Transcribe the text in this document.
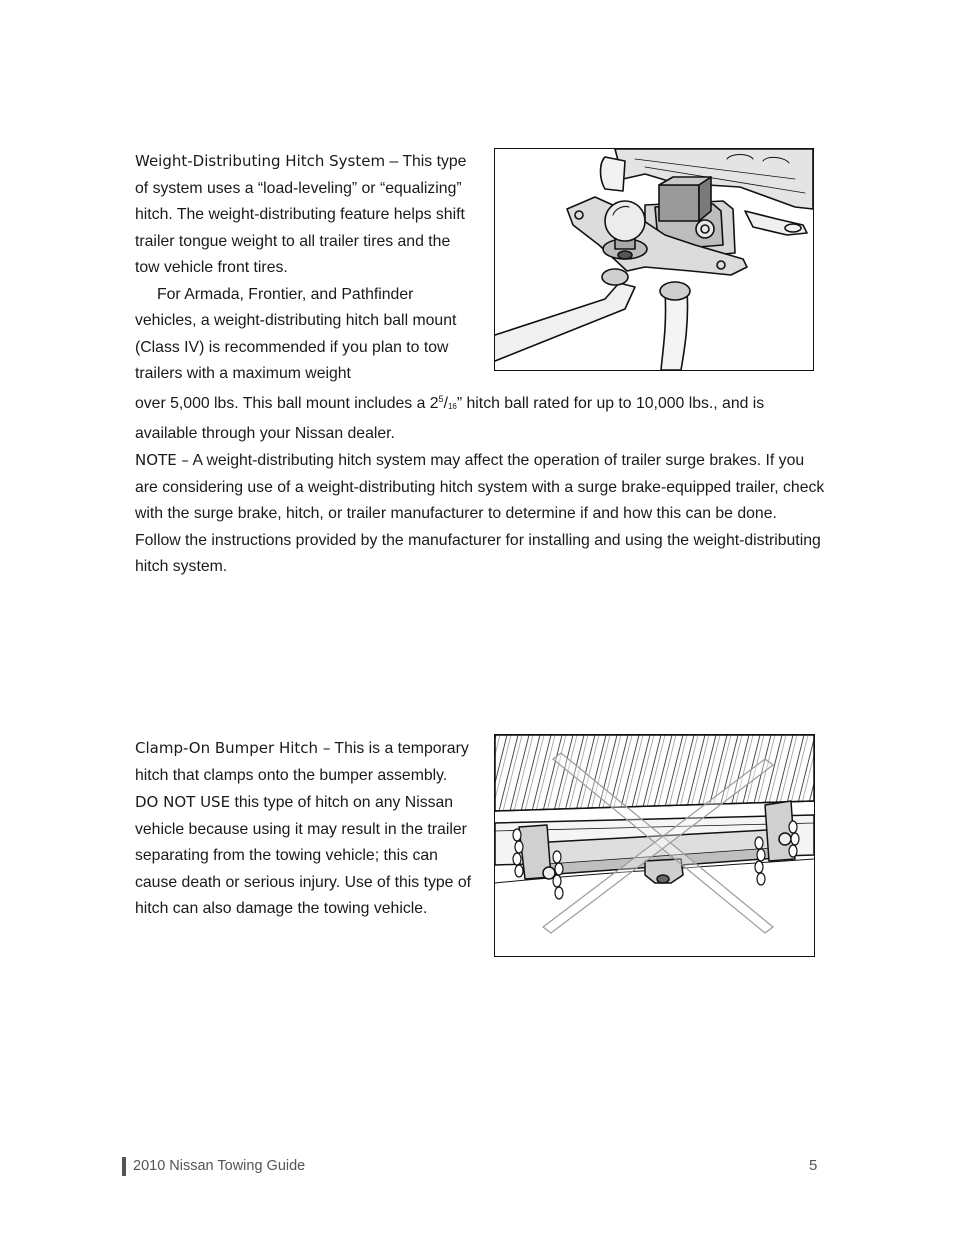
Weight-Distributing Hitch System – This type of system uses a “load-leveling” or “equalizing” hitch. The weight-distributing feature helps shift trailer tongue weight to all trailer tires and the tow vehicle front tires.

For Armada, Frontier, and Pathfinder vehicles, a weight-distributing hitch ball mount (Class IV) is recommended if you plan to tow trailers with a maximum weight

over 5,000 lbs. This ball mount includes a $2^5/_{16}$” hitch ball rated for up to 10,000 lbs., and is available through your Nissan dealer.

NOTE – A weight-distributing hitch system may affect the operation of trailer surge brakes. If you are considering use of a weight-distributing hitch system with a surge brake-equipped trailer, check with the surge brake, hitch, or trailer manufacturer to determine if and how this can be done. Follow the instructions provided by the manufacturer for installing and using the weight-distributing hitch system.

Clamp-On Bumper Hitch – This is a temporary hitch that clamps onto the bumper assembly. DO NOT USE this type of hitch on any Nissan vehicle because using it may result in the trailer separating from the towing vehicle; this can cause death or serious injury. Use of this type of hitch can also damage the towing vehicle.

2010 Nissan Towing Guide	5
